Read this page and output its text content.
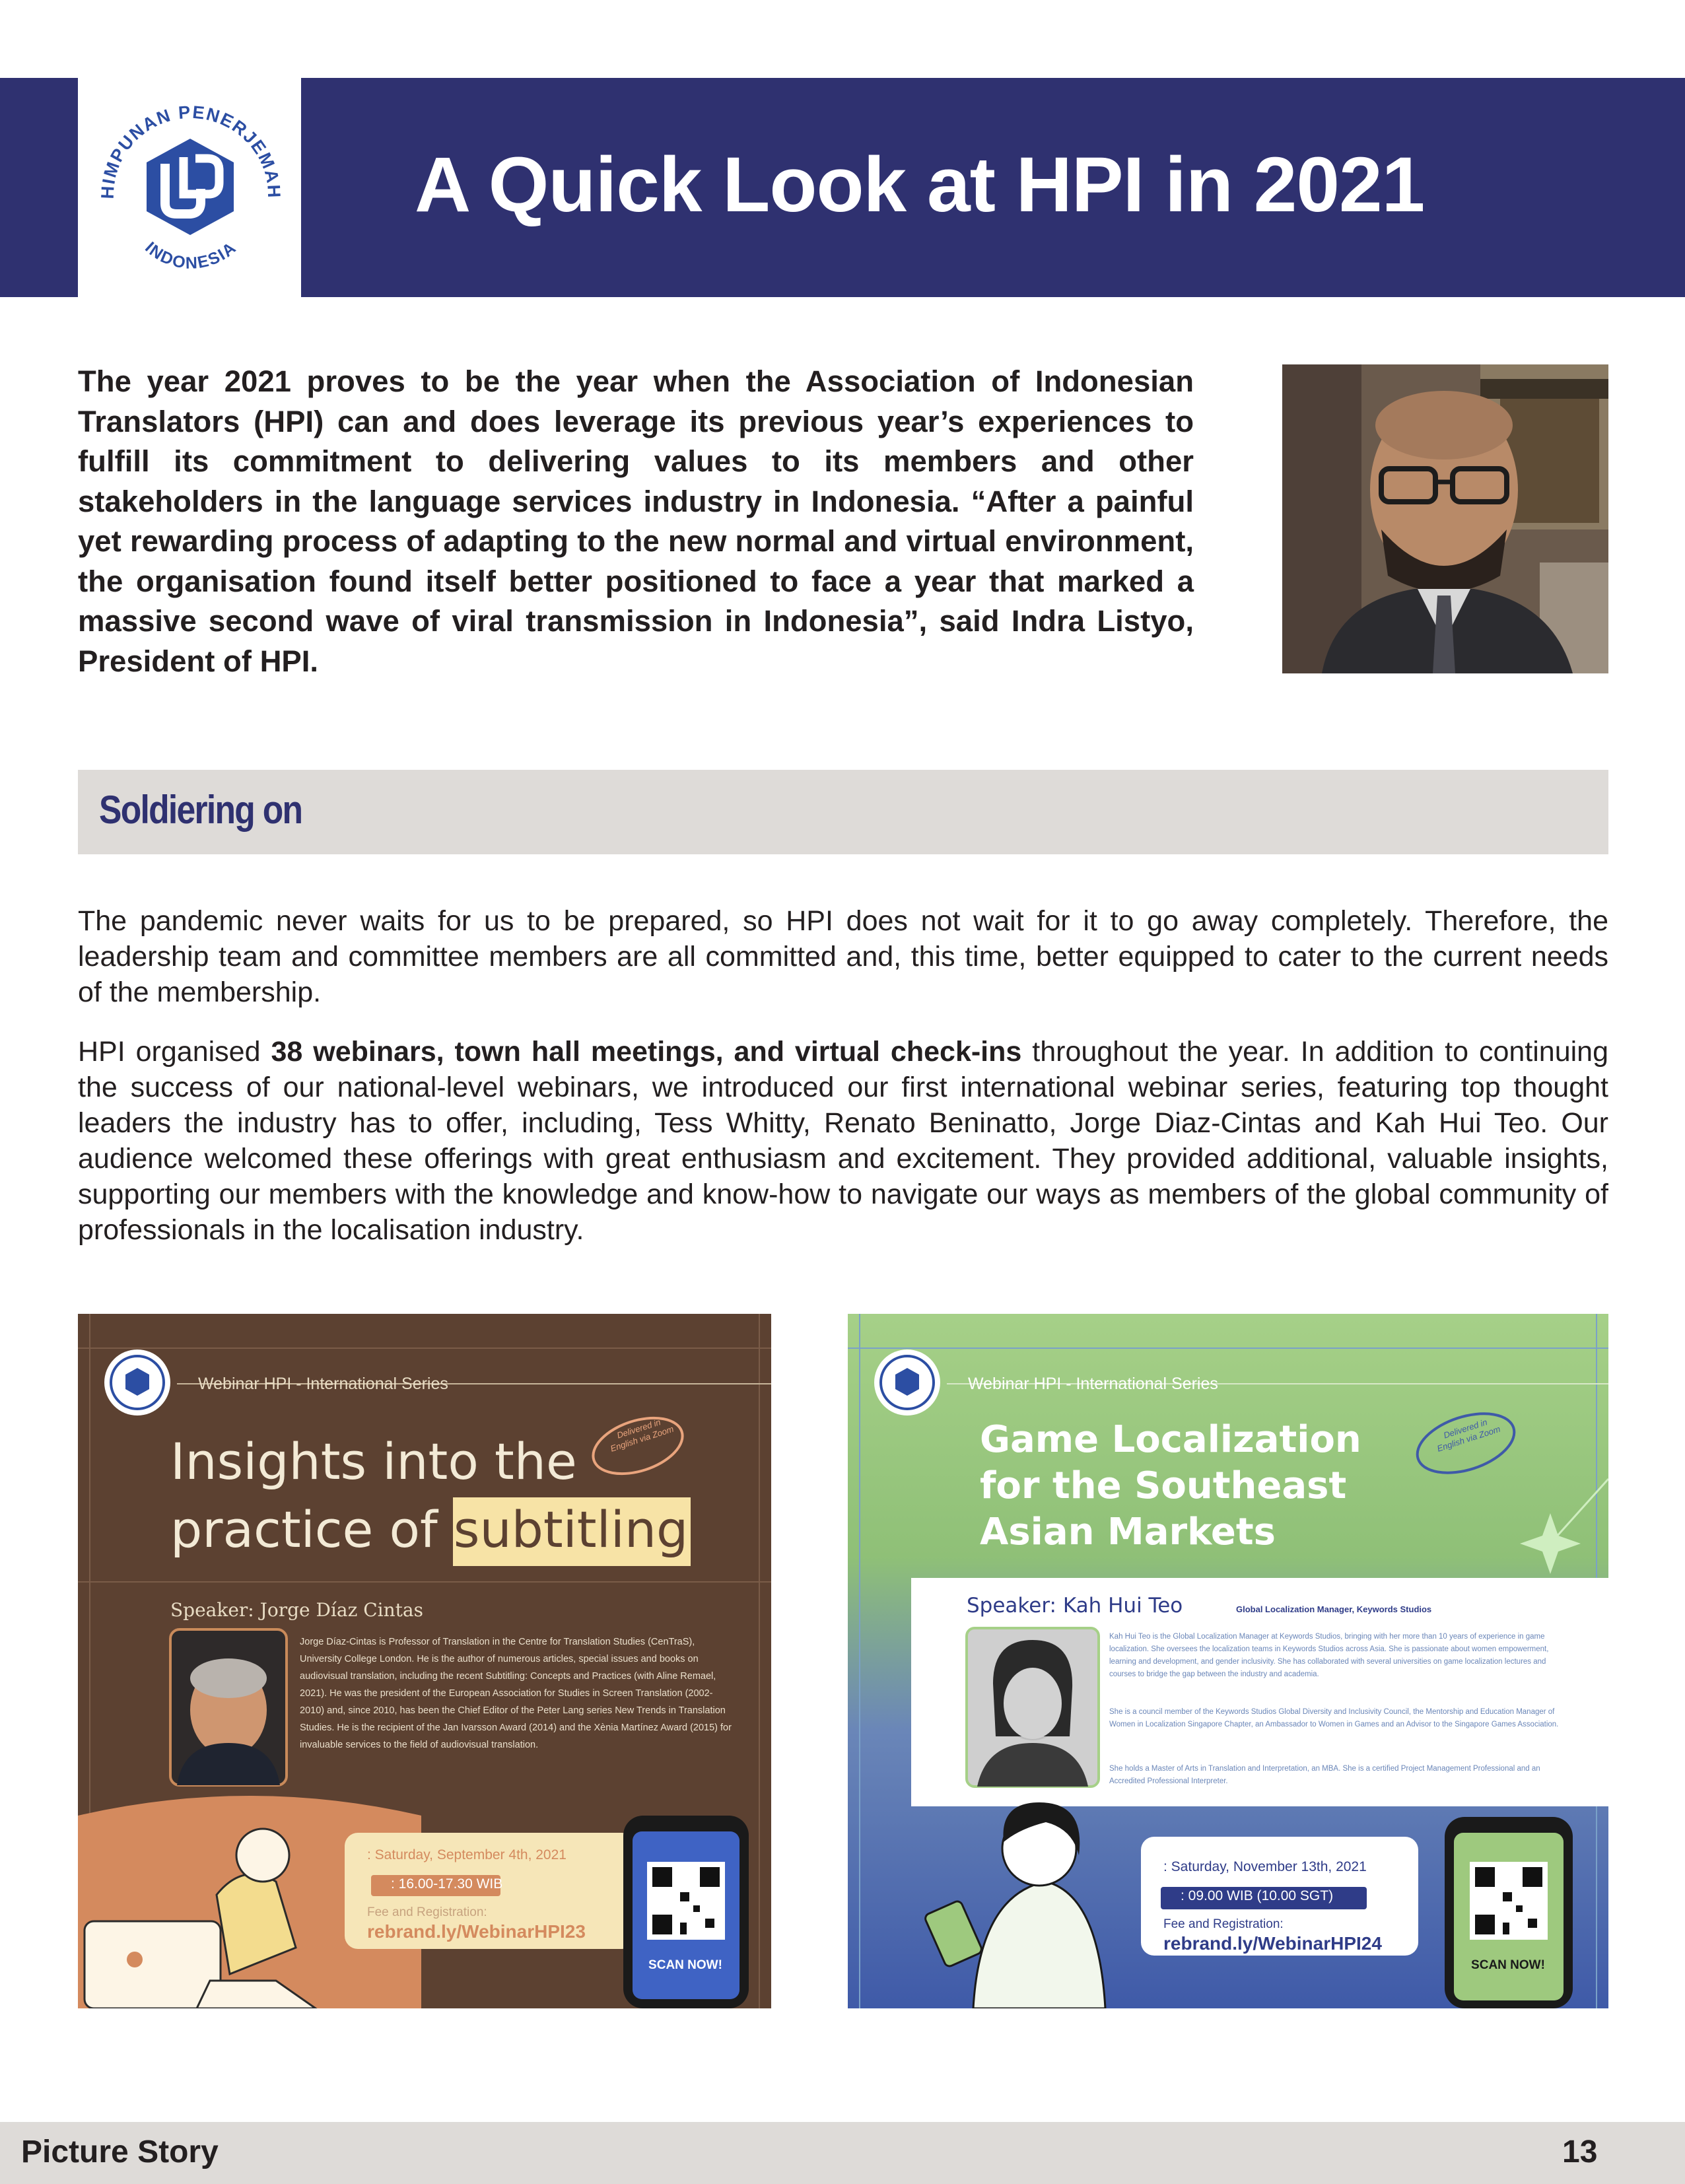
HIMPUNAN PENERJEMAH
INDONESIA
A Quick Look at HPI in 2021

The year 2021 proves to be the year when the Association of Indonesian Translators (HPI) can and does leverage its previous year’s experiences to fulfill its commitment to delivering values to its members and other stakeholders in the language services industry in Indonesia. “After a painful yet rewarding process of adapting to the new normal and virtual environment, the organisation found itself better positioned to face a year that marked a massive second wave of viral transmission in Indonesia”, said Indra Listyo, President of HPI.

Soldiering on

The pandemic never waits for us to be prepared, so HPI does not wait for it to go away completely. Therefore, the leadership team and committee members are all committed and, this time, better equipped to cater to the current needs of the membership.

HPI organised 38 webinars, town hall meetings, and virtual check-ins throughout the year. In addition to continuing the success of our national-level webinars, we introduced our first international webinar series, featuring top thought leaders the industry has to offer, including, Tess Whitty, Renato Beninatto, Jorge Diaz-Cintas and Kah Hui Teo. Our audience welcomed these offerings with great enthusiasm and excitement. They provided additional, valuable insights, supporting our members with the knowledge and know-how to navigate our ways as members of the global community of professionals in the localisation industry.

Webinar HPI - International Series
Insights into the
practice of subtitling
Delivered in English via Zoom
Speaker: Jorge Díaz Cintas
Jorge Díaz-Cintas is Professor of Translation in the Centre for Translation Studies (CenTraS), University College London. He is the author of numerous articles, special issues and books on audiovisual translation, including the recent Subtitling: Concepts and Practices (with Aline Remael, 2021). He was the president of the European Association for Studies in Screen Translation (2002-2010) and, since 2010, has been the Chief Editor of the Peter Lang series New Trends in Translation Studies. He is the recipient of the Jan Ivarsson Award (2014) and the Xènia Martínez Award (2015) for invaluable services to the field of audiovisual translation.
: Saturday, September 4th, 2021
: 16.00-17.30 WIB
Fee and Registration:
rebrand.ly/WebinarHPI23
SCAN NOW!
Webinar HPI - International Series
Game Localization
for the Southeast
Asian Markets
Delivered in English via Zoom
Speaker: Kah Hui Teo	Global Localization Manager, Keywords Studios
Kah Hui Teo is the Global Localization Manager at Keywords Studios, bringing with her more than 10 years of experience in game localization. She oversees the localization teams in Keywords Studios across Asia. She is passionate about women empowerment, learning and development, and gender inclusivity. She has collaborated with several universities on game localization lectures and courses to bridge the gap between the industry and academia.
She is a council member of the Keywords Studios Global Diversity and Inclusivity Council, the Mentorship and Education Manager of Women in Localization Singapore Chapter, an Ambassador to Women in Games and an Advisor to the Singapore Games Association.
She holds a Master of Arts in Translation and Interpretation, an MBA. She is a certified Project Management Professional and an Accredited Professional Interpreter.
: Saturday, November 13th, 2021
: 09.00 WIB (10.00 SGT)
Fee and Registration:
rebrand.ly/WebinarHPI24
SCAN NOW!
Picture Story	13
